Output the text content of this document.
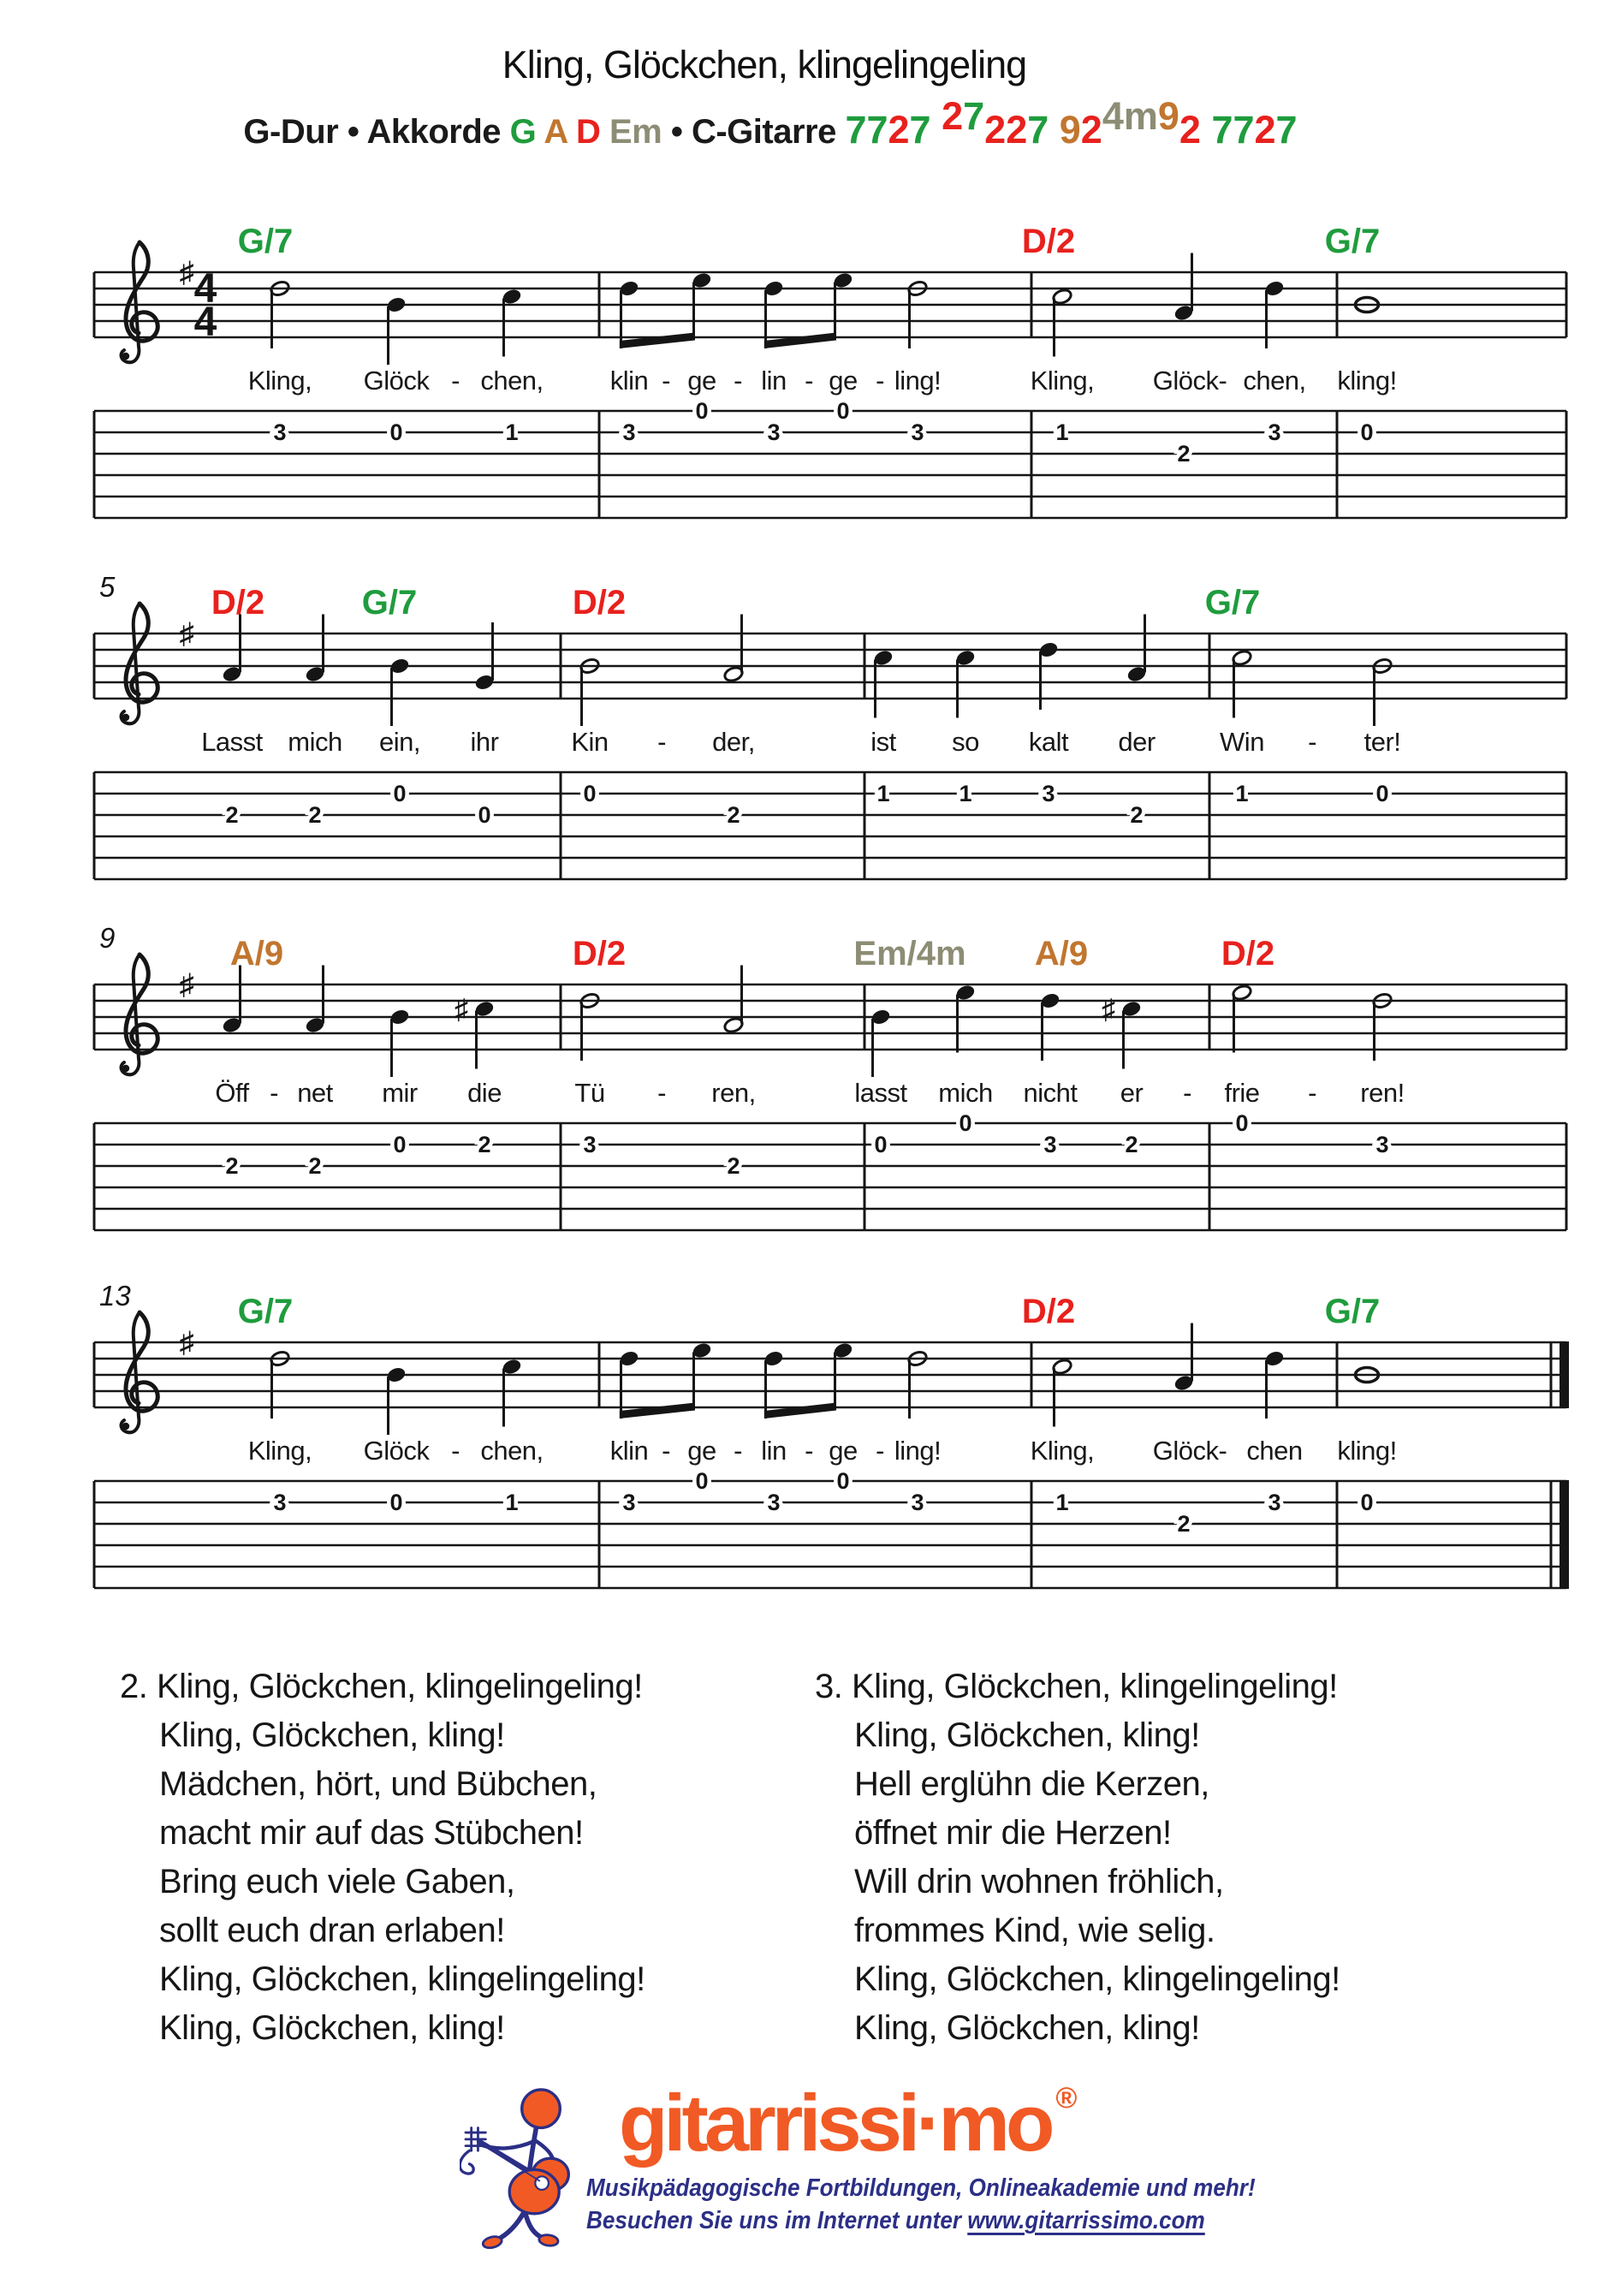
Kling, Glöckchen, klingelingeling
G-Dur • Akkorde G A D Em • C-Gitarre 7727 27227 924m92 7727
♯ 4
4
G/7	D/2	G/7
Kling, Glöck - chen,	klin - ge - lin - ge - ling!	Kling, Glöck- chen, kling!
3	0	1	3
0
3
0
3	1
2
3	0
5
♯
D/2	G/7	D/2	G/7
Lasst mich ein, ihr	Kin - der,	ist so kalt der Win - ter!
2	2
0
0
0
2
1	1	3
2
1	0
9
♯
A/9	D/2	Em/4m A/9	D/2
♯	♯
Öff - net mir die	Tü - ren,	lasst mich nicht er - frie - ren!
2	2
0	2	3
2
0
0
3	2
0
3
13
♯
G/7	D/2	G/7
Kling, Glöck - chen,	klin - ge - lin - ge - ling!	Kling, Glöck- chen kling!
3	0	1	3
0
3
0
3	1
2
3	0
2. Kling, Glöckchen, klingelingeling!
Kling, Glöckchen, kling!
Mädchen, hört, und Bübchen,
macht mir auf das Stübchen!
Bring euch viele Gaben,
sollt euch dran erlaben!
Kling, Glöckchen, klingelingeling!
Kling, Glöckchen, kling!
3. Kling, Glöckchen, klingelingeling!
Kling, Glöckchen, kling!
Hell erglühn die Kerzen,
öffnet mir die Herzen!
Will drin wohnen fröhlich,
frommes Kind, wie selig.
Kling, Glöckchen, klingelingeling!
Kling, Glöckchen, kling!
gitarrissi·mo ®
Musikpädagogische Fortbildungen, Onlineakademie und mehr!
Besuchen Sie uns im Internet unter www.gitarrissimo.com
